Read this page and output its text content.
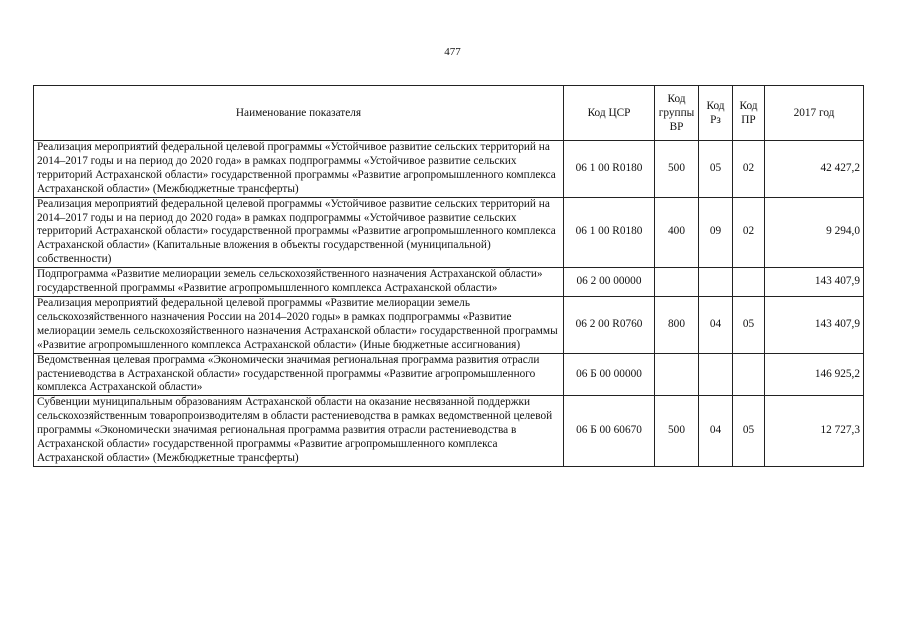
477
Наименование показателя	Код ЦСР	Код группы ВР	Код Рз	Код ПР	2017 год
Реализация мероприятий федеральной целевой программы «Устойчивое развитие сельских территорий на 2014–2017 годы и на период до 2020 года» в рамках подпрограммы «Устойчивое развитие сельских территорий Астраханской области» государственной программы «Развитие агропромышленного комплекса Астраханской области» (Межбюджетные трансферты)	06 1 00 R0180	500	05	02	42 427,2
Реализация мероприятий федеральной целевой программы «Устойчивое развитие сельских территорий на 2014–2017 годы и на период до 2020 года» в рамках подпрограммы «Устойчивое развитие сельских территорий Астраханской области» государственной программы «Развитие агропромышленного комплекса Астраханской области» (Капитальные вложения в объекты государственной (муниципальной) собственности)	06 1 00 R0180	400	09	02	9 294,0
Подпрограмма «Развитие мелиорации земель сельскохозяйственного назначения Астраханской области» государственной программы «Развитие агропромышленного комплекса Астраханской области»	06 2 00 00000				143 407,9
Реализация мероприятий федеральной целевой программы «Развитие мелиорации земель сельскохозяйственного назначения России на 2014–2020 годы» в рамках подпрограммы «Развитие мелиорации земель сельскохозяйственного назначения Астраханской области» государственной программы «Развитие агропромышленного комплекса Астраханской области» (Иные бюджетные ассигнования)	06 2 00 R0760	800	04	05	143 407,9
Ведомственная целевая программа «Экономически значимая региональная программа развития отрасли растениеводства в Астраханской области» государственной программы «Развитие агропромышленного комплекса Астраханской области»	06 Б 00 00000				146 925,2
Субвенции муниципальным образованиям Астраханской области на оказание несвязанной поддержки сельскохозяйственным товаропроизводителям в области растениеводства в рамках ведомственной целевой программы «Экономически значимая региональная программа развития отрасли растениеводства в Астраханской области» государственной программы «Развитие агропромышленного комплекса Астраханской области» (Межбюджетные трансферты)	06 Б 00 60670	500	04	05	12 727,3
